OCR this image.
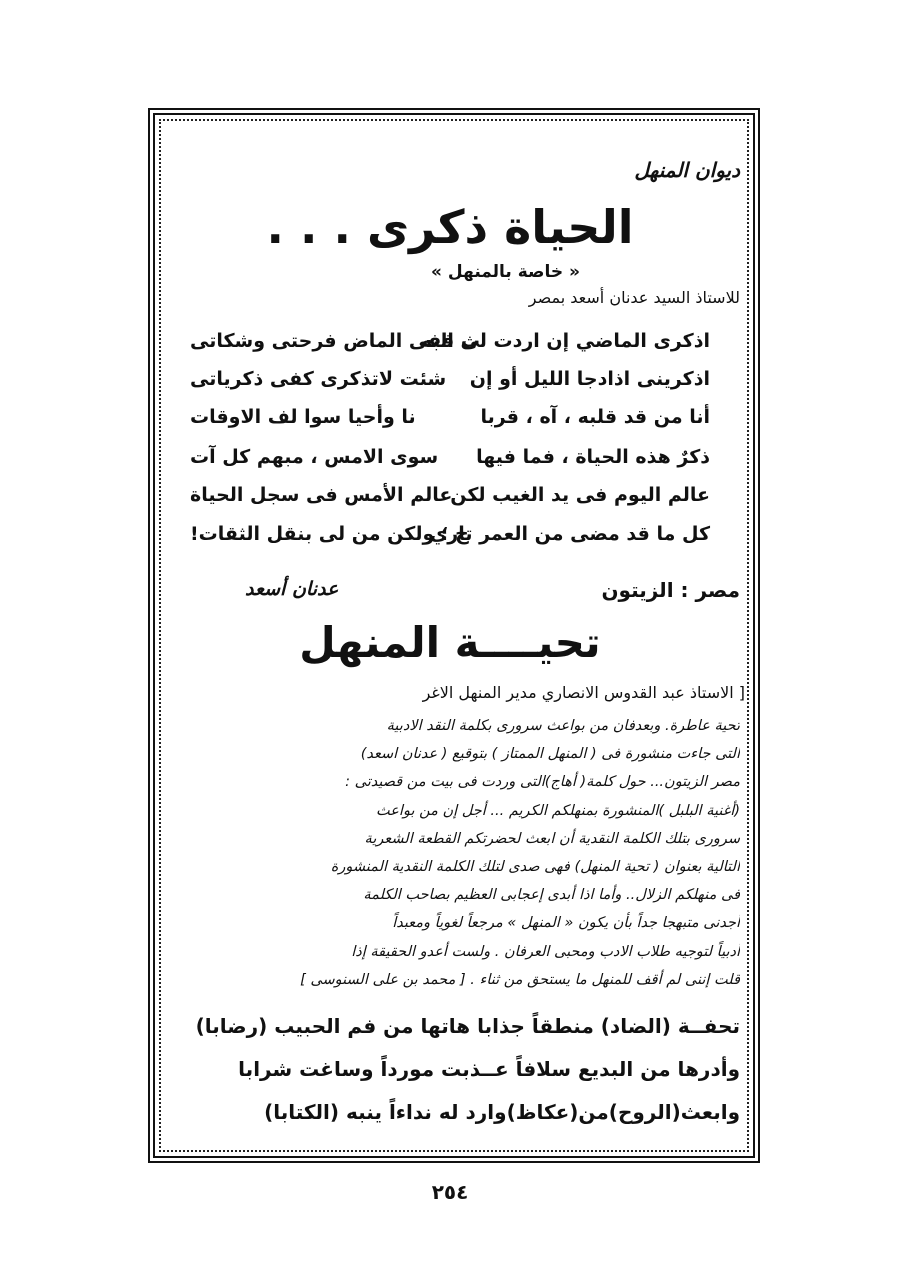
ديوان المنهل
الحياة ذكرى . . .
« خاصة بالمنهل »
للاستاذ السيد عدنان أسعد بمصر
اذكرى الماضي إن اردت لى البه
ث ففى الماض فرحتى وشكاتى
اذكرينى اذادجا الليل أو إن
شئت لاتذكرى كفى ذكرياتى
أنا من قد قلبه ، آه ، قربا
نا وأحيا سوا لف الاوقات
ذكرٌ هذه الحياة ، فما فيها
سوى الامس ، مبهم كل آت
عالم اليوم فى يد الغيب لكن
عالم الأمس فى سجل الحياة
كل ما قد مضى من العمر تاري
خ ؛ ولكن من لى بنقل الثقات!
مصر : الزيتون
عدنان أسعد
تحيــــة المنهل
[ الاستاذ عبد القدوس الانصاري مدير المنهل الاغر
تحية عاطرة. وبعدفان من بواعث سرورى بكلمة النقد الادبية
التى جاءت منشورة فى ( المنهل الممتاز ) بتوقيع ( عدنان اسعد)
مصر الزيتون... حول كلمة( أهاج)التى وردت فى بيت من قصيدتى :
(أغنية البلبل )المنشورة بمنهلكم الكريم ... أجل إن من بواعث
سرورى بتلك الكلمة النقدية أن ابعث لحضرتكم القطعة الشعرية
التالية بعنوان ( تحية المنهل) فهى صدى لتلك الكلمة النقدية المنشورة
فى منهلكم الزلال.. وأما اذا أبدى إعجابى العظيم بصاحب الكلمة
أجدنى متبهجا جداً بأن يكون « المنهل » مرجعاً لغوياً ومعبداً
أدبياً لتوجيه طلاب الادب ومحبى العرفان . ولست أعدو الحقيقة إذا
قلت إننى لم أقف للمنهل ما يستحق من ثناء . [ محمد بن على السنوسى ]
تحفــة (الضاد) منطقاً جذابا هاتها من فم الحبيب (رضابا)
وأدرها من البديع سلافاً عــذبت مورداً وساغت شرابا
وابعث(الروح)من(عكاظ)وارد له نداءاً ينبه (الكتابا)
٢٥٤
